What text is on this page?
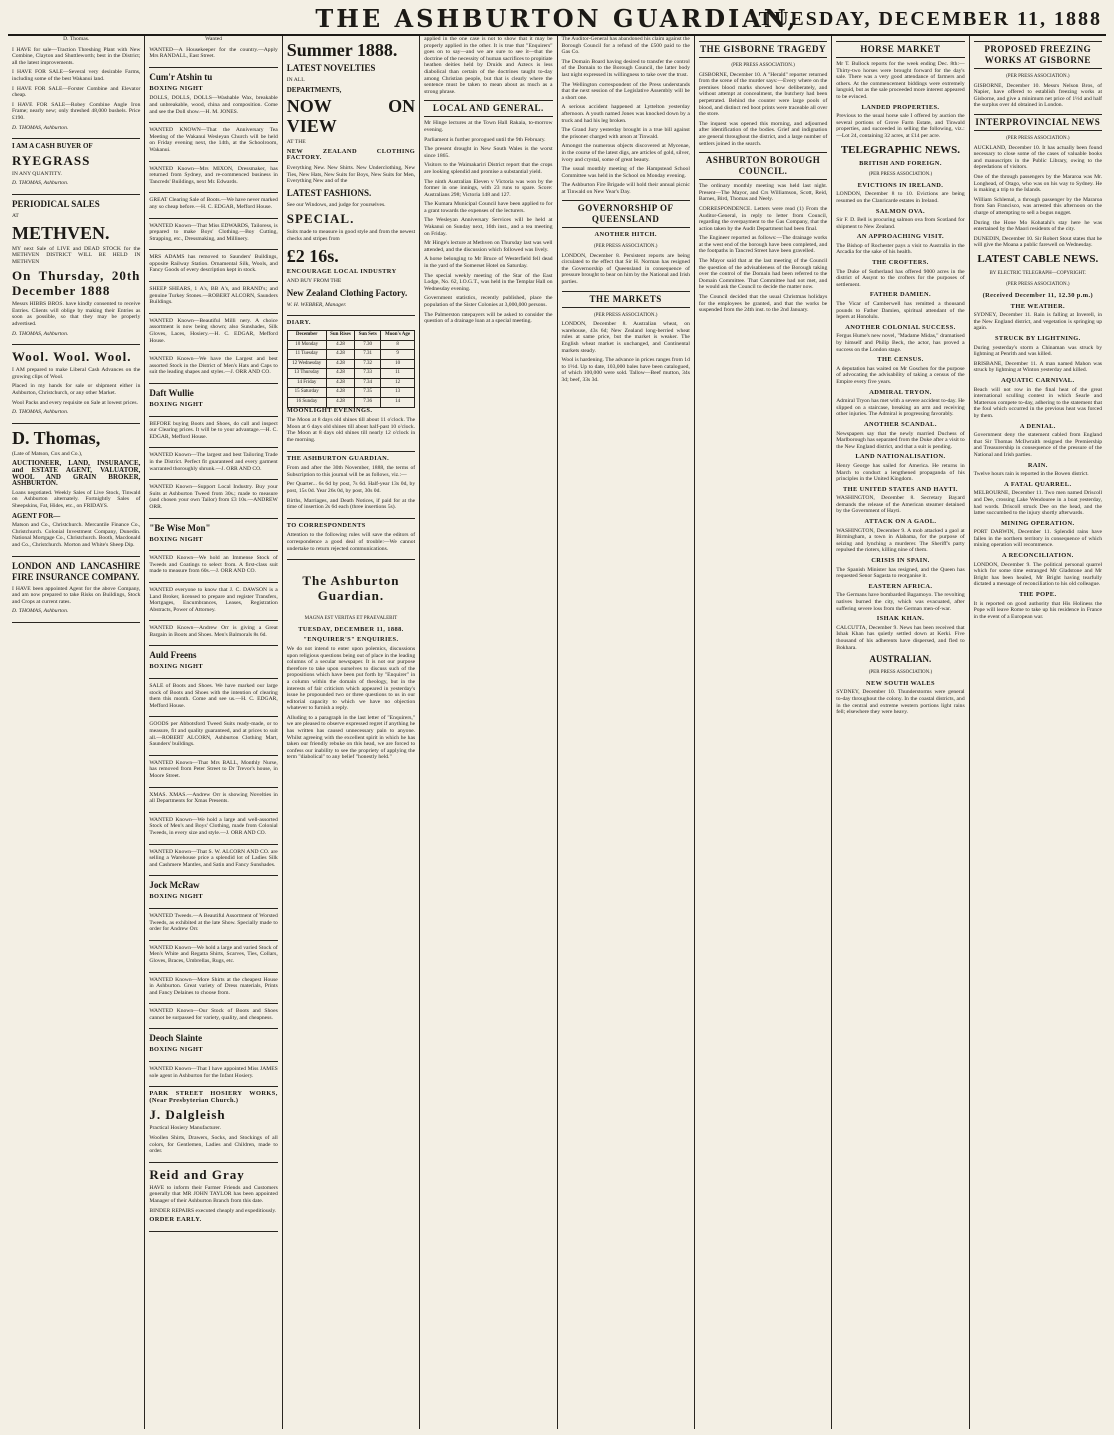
THE ASHBURTON GUARDIAN,
TUESDAY, DECEMBER 11, 1888
D. Thomas.

I HAVE for sale—Traction Threshing Plant with New Combine, Clayton and Shuttleworth; best in the District; all the latest improvements.

I HAVE FOR SALE—Several very desirable Farms, including some of the best Wakanui land.

I HAVE FOR SALE—Forster Combine and Elevator cheap.

I HAVE FOR SALE—Robey Combine Angle Iron Frame; nearly new; only threshed 48,000 bushels. Price £190.

D. THOMAS, Ashburton.

I AM A CASH BUYER OF

RYEGRASS

IN ANY QUANTITY.

D. THOMAS, Ashburton.

PERIODICAL SALES

AT

METHVEN.

MY next Sale of LIVE and DEAD STOCK for the METHVEN DISTRICT WILL BE HELD IN METHVEN

On Thursday, 20th December 1888

Messrs HIBBS BROS. have kindly consented to receive Entries. Clients will oblige by making their Entries as soon as possible, so that they may be properly advertised.

D. THOMAS, Ashburton.

Wool. Wool. Wool.

I AM prepared to make Liberal Cash Advances on the growing clips of Wool.

Placed in my hands for sale or shipment either in Ashburton, Christchurch, or any other Market.

Wool Packs and every requisite on Sale at lowest prices.

D. THOMAS, Ashburton.

D. Thomas,

(Late of Matson, Cox and Co.),

AUCTIONEER, LAND, INSURANCE, and ESTATE AGENT, VALUATOR, WOOL AND GRAIN BROKER, ASHBURTON.

Loans negotiated. Weekly Sales of Live Stock, Tinwald on Ashburton alternately. Fortnightly Sales of Sheepskins, Fat, Hides, etc., on FRIDAYS.

AGENT FOR—

Matson and Co., Christchurch. Mercantile Finance Co., Christchurch. Colonial Investment Company, Dunedin. National Mortgage Co., Christchurch. Booth, Macdonald and Co., Christchurch. Morton and White's Sheep Dip.

LONDON AND LANCASHIRE FIRE INSURANCE COMPANY.

I HAVE been appointed Agent for the above Company, and am now prepared to take Risks on Buildings, Stock and Crops at current rates.

D. THOMAS, Ashburton.

Wanted

WANTED—A Housekeeper for the country.—Apply Mrs RANDALL, East Street.

Cum'r Atshin tu

BOXING NIGHT

DOLLS, DOLLS, DOLLS—Washable Wax, breakable and unbreakable, wood, china and composition. Come and see the Doll show.—H. M. JONES.

WANTED KNOWN—That the Anniversary Tea Meeting of the Wakanui Wesleyan Church will be held on Friday evening next, the 14th, at the Schoolroom, Wakanui.

WANTED Known—Mrs MIXON, Dressmaker, has returned from Sydney, and re-commenced business in Tancreds' Buildings, next Mr. Edwards.

GREAT Clearing Sale of Boots.—We have never marked any so cheap before.—H. C. EDGAR, Mefford House.

WANTED Known—That Miss EDWARDS, Tailoress, is prepared to make Boys' Clothing.—Boy Cutting, Strapping, etc., Dressmaking, and Millinery.

MRS ADAMS has removed to Saunders' Buildings, opposite Railway Station. Ornamental Silk, Wools, and Fancy Goods of every description kept in stock.

SHEEP SHEARS, 1 A's, BB A's, and BRAND's; and genuine Turkey Stones.—ROBERT ALCORN, Saunders Buildings.

WANTED Known—Beautiful Milli nery. A choice assortment is now being shown; also Sunshades, Silk Gloves, Laces, Hosiery.—H. C. EDGAR, Mefford House.

WANTED Known—We have the Largest and best assorted Stock in the District of Men's Hats and Caps to suit the leading shapes and styles.—J. ORR AND CO.

Daft Wullie

BOXING NIGHT

BEFORE buying Boots and Shoes, do call and inspect our Clearing prices. It will be to your advantage.—H. C. EDGAR, Mefford House.

WANTED Known—The largest and best Tailoring Trade in the District. Perfect fit guaranteed and every garment warranted thoroughly shrunk.—J. ORR AND CO.

WANTED Known—Support Local Industry. Buy your Suits at Ashburton Tweed from 30s.; made to measure (and chosen your own Tailor) from £3 10s.—ANDREW ORR.

"Be Wise Mon"

BOXING NIGHT

WANTED Known—We hold an Immense Stock of Tweeds and Coatings to select from. A first-class suit made to measure from 60s.—J. ORR AND CO.

WANTED everyone to know that J. C. DAWSON is a Land Broker, licensed to prepare and register Transfers, Mortgages, Encumbrances, Leases, Registration Abstracts, Power of Attorney.

WANTED Known—Andrew Orr is giving a Great Bargain in Boots and Shoes. Men's Balmorals 8s 6d.

Auld Freens

BOXING NIGHT

SALE of Boots and Shoes. We have marked our large stock of Boots and Shoes with the intention of clearing them this month. Come and see us.—H. C. EDGAR, Mefford House.

GOODS per Abbotsford Tweed Suits ready-made, or to measure, fit and quality guaranteed, and at prices to suit all.—ROBERT ALCORN, Ashburton Clothing Mart, Saunders' buildings.

WANTED Known—That Mrs BALL, Monthly Nurse, has removed from Peter Street to Dr Trevor's house, in Moore Street.

XMAS. XMAS.—Andrew Orr is showing Novelties in all Departments for Xmas Presents.

WANTED Known—We hold a large and well-assorted Stock of Men's and Boys' Clothing, made from Colonial Tweeds, in every size and style.—J. ORR AND CO.

WANTED Known—That S. W. ALCORN AND CO. are selling a Warehouse price a splendid lot of Ladies Silk and Cashmere Mantles, and Satin and Fancy Sunshades.

Jock McRaw

BOXING NIGHT

WANTED Tweeds.—A Beautiful Assortment of Worsted Tweeds, as exhibited at the late Show. Specially made to order for Andrew Orr.

WANTED Known—We hold a large and varied Stock of Men's White and Regatta Shirts, Scarves, Ties, Collars, Gloves, Braces, Umbrellas, Rugs, etc.

WANTED Known—More Shirts at the cheapest House in Ashburton. Great variety of Dress materials, Prints and Fancy Delaines to choose from.

WANTED Known—Our Stock of Boots and Shoes cannot be surpassed for variety, quality, and cheapness.

Deoch Slainte

BOXING NIGHT

WANTED Known—That I have appointed Miss JAMES sole agent in Ashburton for the Infant Hosiery.

PARK STREET HOSIERY WORKS, (Near Presbyterian Church.)

J. Dalgleish

Practical Hosiery Manufacturer.

Woollen Shirts, Drawers, Socks, and Stockings of all colors, for Gentlemen, Ladies and Children, made to order.

Reid and Gray

HAVE to inform their Farmer Friends and Customers generally that MR JOHN TAYLOR has been appointed Manager of their Ashburton Branch from this date.

BINDER REPAIRS executed cheaply and expeditiously.

ORDER EARLY.

Summer 1888.

LATEST NOVELTIES

IN ALL

DEPARTMENTS,

NOW ON VIEW

AT THE

NEW ZEALAND CLOTHING FACTORY.

Everything New. New Shirts. New Underclothing, New Ties, New Hats, New Suits for Boys, New Suits for Men, Everything New and of the

LATEST FASHIONS.

See our Windows, and judge for yourselves.

SPECIAL.

Suits made to measure in good style and from the newest checks and stripes from

£2 16s.

ENCOURAGE LOCAL INDUSTRY

AND BUY FROM THE

New Zealand Clothing Factory.

W. H. WEBBER, Manager.

DIARY.

December	Sun Rises	Sun Sets	Moon's Age
10 Monday	4.28	7.30	8
11 Tuesday	4.28	7.31	9
12 Wednesday	4.28	7.32	10
13 Thursday	4.28	7.33	11
14 Friday	4.28	7.34	12
15 Saturday	4.28	7.35	13
16 Sunday	4.28	7.36	14

MOONLIGHT EVENINGS.

The Moon at 8 days old shines till about 11 o'clock. The Moon at 6 days old shines till about half-past 10 o'clock. The Moon at 8 days old shines till nearly 12 o'clock in the morning.

THE ASHBURTON GUARDIAN.

From and after the 30th November, 1888, the terms of Subscription to this journal will be as follows, viz.:—

Per Quarter... 6s 6d by post, 7s 6d. Half-year 13s 0d, by post, 15s 0d. Year 26s 0d, by post, 30s 0d.

Births, Marriages, and Death Notices, if paid for at the time of insertion 2s 6d each (three insertions 5s).

TO CORRESPONDENTS

Attention to the following rules will save the editors of correspondence a good deal of trouble:—We cannot undertake to return rejected communications.

The Ashburton Guardian.

MAGNA EST VERITAS ET PRAEVALEBIT

TUESDAY, DECEMBER 11, 1888.

"ENQUIRER'S" ENQUIRIES.

We do not intend to enter upon polemics, discussions upon religious questions being out of place in the leading columns of a secular newspaper. It is not our purpose therefore to take upon ourselves to discuss such of the propositions which have been put forth by "Enquirer" in a column within the domain of theology, but in the interests of fair criticism which appeared in yesterday's issue he propounded two or three questions to us in our editorial capacity to which we have no objection whatever to furnish a reply.

Alluding to a paragraph in the last letter of "Enquirers," we are pleased to observe expressed regret if anything he has written has caused unnecessary pain to anyone. Whilst agreeing with the excellent spirit in which he has taken our friendly rebuke on this head, we are forced to confess our inability to see the propriety of applying the term "diabolical" to any belief "honestly held."

applied in the one case is not to show that it may be properly applied in the other. It is true that "Enquirers" goes on to say—and we are sure to see it—that the doctrine of the necessity of human sacrifices to propitiate heathen deities held by Druids and Aztecs is less diabolical than certain of the doctrines taught to-day among Christian people, but that is clearly where the sentence must be taken to mean about as much as a strong phrase.

LOCAL AND GENERAL.

Mr Hinge lectures at the Town Hall Rakaia, to-morrow evening.

Parliament is further prorogued until the 9th February.

The present drought in New South Wales is the worst since 1865.

Visitors to the Waimakariri District report that the crops are looking splendid and promise a substantial yield.

The ninth Australian Eleven v Victoria was won by the former in one innings, with 23 runs to spare. Score: Australians 298; Victoria 148 and 127.

The Kumara Municipal Council have been applied to for a grant towards the expenses of the lecturers.

The Wesleyan Anniversary Services will be held at Wakanui on Sunday next, 16th inst., and a tea meeting on Friday.

Mr Hinge's lecture at Methven on Thursday last was well attended, and the discussion which followed was lively.

A horse belonging to Mr Bruce of Westerfield fell dead in the yard of the Somerset Hotel on Saturday.

The special weekly meeting of the Star of the East Lodge, No. 62, I.O.G.T., was held in the Templar Hall on Wednesday evening.

Government statistics, recently published, place the population of the Sister Colonies at 3,000,000 persons.

The Palmerston ratepayers will be asked to consider the question of a drainage loan at a special meeting.

The Auditor-General has abandoned his claim against the Borough Council for a refund of the £500 paid to the Gas Co.

The Domain Board having desired to transfer the control of the Domain to the Borough Council, the latter body last night expressed its willingness to take over the trust.

The Wellington correspondent of the Press understands that the next session of the Legislative Assembly will be a short one.

A serious accident happened at Lyttelton yesterday afternoon. A youth named Jones was knocked down by a truck and had his leg broken.

The Grand Jury yesterday brought in a true bill against the prisoner charged with arson at Tinwald.

Amongst the numerous objects discovered at Mycenae, in the course of the latest digs, are articles of gold, silver, ivory and crystal, some of great beauty.

The usual monthly meeting of the Hampstead School Committee was held in the School on Monday evening.

The Ashburton Fire Brigade will hold their annual picnic at Tinwald on New Year's Day.

GOVERNORSHIP OF QUEENSLAND

ANOTHER HITCH.

(PER PRESS ASSOCIATION.)

LONDON, December 8. Persistent reports are being circulated to the effect that Sir H. Norman has resigned the Governorship of Queensland in consequence of pressure brought to bear on him by the National and Irish parties.

THE MARKETS

(PER PRESS ASSOCIATION.)

LONDON, December 8. Australian wheat, on warehouse, 43s 6d; New Zealand long-berried wheat rules at same price, but the market is weaker. The English wheat market is unchanged, and Continental markets steady.

Wool is hardening. The advance in prices ranges from 1d to 1½d. Up to date, 103,000 bales have been catalogued, of which 100,000 were sold. Tallow—Beef mutton, 34s 3d; beef, 33s 3d.

THE GISBORNE TRAGEDY

(PER PRESS ASSOCIATION.)

GISBORNE, December 10. A "Herald" reporter returned from the scene of the murder says:—Every where on the premises blood marks showed how deliberately, and without attempt at concealment, the butchery had been perpetrated. Behind the counter were large pools of blood, and distinct red boot prints were traceable all over the store.

The inquest was opened this morning, and adjourned after identification of the bodies. Grief and indignation are general throughout the district, and a large number of settlers joined in the search.

ASHBURTON BOROUGH COUNCIL.

The ordinary monthly meeting was held last night. Present—The Mayor, and Crs Williamson, Scott, Reid, Barnes, Bird, Thomas and Neely.

CORRESPONDENCE. Letters were read (1) From the Auditor-General, in reply to letter from Council, regarding the overpayment to the Gas Company, that the action taken by the Audit Department had been final.

The Engineer reported as follows:—The drainage works at the west end of the borough have been completed, and the footpaths in Tancred Street have been gravelled.

The Mayor said that at the last meeting of the Council the question of the advisableness of the Borough taking over the control of the Domain had been referred to the Domain Committee. That Committee had not met, and he would ask the Council to decide the matter now.

The Council decided that the usual Christmas holidays for the employees be granted, and that the works be suspended from the 24th inst. to the 2nd January.

HORSE MARKET

Mr T. Bullock reports for the week ending Dec. 8th:—Thirty-two horses were brought forward for the day's sale. There was a very good attendance of farmers and others. At the commencement biddings were extremely languid, but as the sale proceeded more interest appeared to be evinced.

LANDED PROPERTIES.

Previous to the usual horse sale I offered by auction the several portions of Grove Farm Estate, and Tinwald properties, and succeeded in selling the following, viz.:—Lot 24, containing 32 acres, at £14 per acre.

TELEGRAPHIC NEWS.

BRITISH AND FOREIGN.

(PER PRESS ASSOCIATION.)

EVICTIONS IN IRELAND.

LONDON, December 8 to 10. Evictions are being resumed on the Clanricarde estates in Ireland.

SALMON OVA.

Sir F. D. Bell is procuring salmon ova from Scotland for shipment to New Zealand.

AN APPROACHING VISIT.

The Bishop of Rochester pays a visit to Australia in the Arcadia for the sake of his health.

THE CROFTERS.

The Duke of Sutherland has offered 9000 acres in the district of Assynt to the crofters for the purposes of settlement.

FATHER DAMIEN.

The Vicar of Camberwell has remitted a thousand pounds to Father Damien, spiritual attendant of the lepers at Honolulu.

ANOTHER COLONIAL SUCCESS.

Fergus Hume's new novel, "Madame Midas," dramatised by himself and Philip Beck, the actor, has proved a success on the London stage.

THE CENSUS.

A deputation has waited on Mr Goschen for the purpose of advocating the advisability of taking a census of the Empire every five years.

ADMIRAL TRYON.

Admiral Tryon has met with a severe accident to-day. He slipped on a staircase, breaking an arm and receiving other injuries. The Admiral is progressing favorably.

ANOTHER SCANDAL.

Newspapers say that the newly married Duchess of Marlborough has separated from the Duke after a visit to the New England district, and that a suit is pending.

LAND NATIONALISATION.

Henry George has sailed for America. He returns in March to conduct a lengthened propaganda of his principles in the United Kingdom.

THE UNITED STATES AND HAYTI.

WASHINGTON, December 8. Secretary Bayard demands the release of the American steamer detained by the Government of Hayti.

ATTACK ON A GAOL.

WASHINGTON, December 9. A mob attacked a gaol at Birmingham, a town in Alabama, for the purpose of seizing and lynching a murderer. The Sheriff's party repulsed the rioters, killing nine of them.

CRISIS IN SPAIN.

The Spanish Minister has resigned, and the Queen has requested Senor Sagasta to reorganise it.

EASTERN AFRICA.

The Germans have bombarded Bagamoyo. The revolting natives burned the city, which was evacuated, after suffering severe loss from the German men-of-war.

ISHAK KHAN.

CALCUTTA, December 9. News has been received that Ishak Khan has quietly settled down at Kerki. Five thousand of his adherents have dispersed, and fled to Bokhara.

AUSTRALIAN.

(PER PRESS ASSOCIATION.)

NEW SOUTH WALES

SYDNEY, December 10. Thunderstorms were general to-day throughout the colony. In the coastal districts, and in the central and extreme western portions light rains fell; elsewhere they were heavy.

PROPOSED FREEZING WORKS AT GISBORNE

(PER PRESS ASSOCIATION.)

GISBORNE, December 10. Messrs Nelson Bros, of Napier, have offered to establish freezing works at Gisborne, and give a minimum net price of 1½d and half the surplus over 4d obtained in London.

INTERPROVINCIAL NEWS

(PER PRESS ASSOCIATION.)

AUCKLAND, December 10. It has actually been found necessary to close some of the cases of valuable books and manuscripts in the Public Library, owing to the depredations of visitors.

One of the through passengers by the Mararoa was Mr. Longhead, of Otago, who was on his way to Sydney. He is making a trip to the Islands.

William Schlemal, a through passenger by the Mararoa from San Francisco, was arrested this afternoon on the charge of attempting to sell a bogus nugget.

During the Hone Mo Kohatahi's stay here he was entertained by the Maori residents of the city.

DUNEDIN, December 10. Sir Robert Stout states that he will give the Moana a public farewell on Wednesday.

LATEST CABLE NEWS.

BY ELECTRIC TELEGRAPH—COPYRIGHT.

(PER PRESS ASSOCIATION.)

(Received December 11, 12.30 p.m.)

THE WEATHER.

SYDNEY, December 11. Rain is falling at Inverell, in the New England district, and vegetation is springing up again.

STRUCK BY LIGHTNING.

During yesterday's storm a Chinaman was struck by lightning at Penrith and was killed.

BRISBANE, December 11. A man named Mahon was struck by lightning at Winton yesterday and killed.

AQUATIC CARNIVAL.

Beach will not row in the final heat of the great international sculling contest in which Searle and Matterson compete to-day, adhering to the statement that the foul which occurred in the previous heat was forced by them.

A DENIAL.

Government deny the statement cabled from England that Sir Thomas McIlwraith resigned the Premiership and Treasurership in consequence of the pressure of the National and Irish parties.

RAIN.

Twelve hours rain is reported in the Bowen district.

A FATAL QUARREL.

MELBOURNE, December 11. Two men named Driscoll and Dee, crossing Lake Wendouree in a boat yesterday, had words. Driscoll struck Dee on the head, and the latter succumbed to the injury shortly afterwards.

MINING OPERATION.

PORT DARWIN, December 11. Splendid rains have fallen in the northern territory in consequence of which mining operation will recommence.

A RECONCILIATION.

LONDON, December 9. The political personal quarrel which for some time estranged Mr Gladstone and Mr Bright has been healed, Mr Bright having tearfully dictated a message of reconciliation to his old colleague.

THE POPE.

It is reported on good authority that His Holiness the Pope will leave Rome to take up his residence in France in the event of a European war.
